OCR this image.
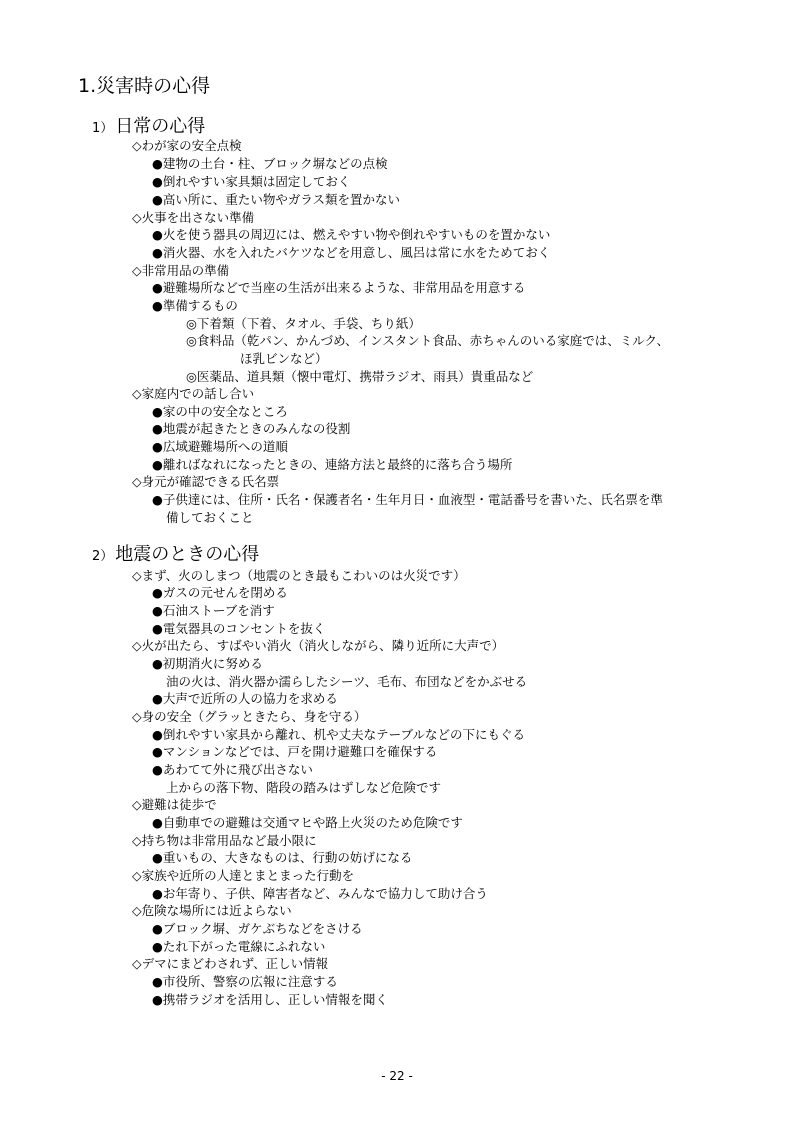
1.災害時の心得
1） 日常の心得
◇わが家の安全点検
●建物の土台・柱、ブロック塀などの点検
●倒れやすい家具類は固定しておく
●高い所に、重たい物やガラス類を置かない
◇火事を出さない準備
●火を使う器具の周辺には、燃えやすい物や倒れやすいものを置かない
●消火器、水を入れたバケツなどを用意し、風呂は常に水をためておく
◇非常用品の準備
●避難場所などで当座の生活が出来るような、非常用品を用意する
●準備するもの
◎下着類（下着、タオル、手袋、ちり紙）
◎食料品（乾パン、かんづめ、インスタント食品、赤ちゃんのいる家庭では、ミルク、
ほ乳ビンなど）
◎医薬品、道具類（懐中電灯、携帯ラジオ、雨具）貴重品など
◇家庭内での話し合い
●家の中の安全なところ
●地震が起きたときのみんなの役割
●広域避難場所への道順
●離ればなれになったときの、連絡方法と最終的に落ち合う場所
◇身元が確認できる氏名票
●子供達には、住所・氏名・保護者名・生年月日・血液型・電話番号を書いた、氏名票を準
備しておくこと
2） 地震のときの心得
◇まず、火のしまつ（地震のとき最もこわいのは火災です）
●ガスの元せんを閉める
●石油ストーブを消す
●電気器具のコンセントを抜く
◇火が出たら、すばやい消火（消火しながら、隣り近所に大声で）
●初期消火に努める
油の火は、消火器か濡らしたシーツ、毛布、布団などをかぶせる
●大声で近所の人の協力を求める
◇身の安全（グラッときたら、身を守る）
●倒れやすい家具から離れ、机や丈夫なテーブルなどの下にもぐる
●マンションなどでは、戸を開け避難口を確保する
●あわてて外に飛び出さない
上からの落下物、階段の踏みはずしなど危険です
◇避難は徒歩で
●自動車での避難は交通マヒや路上火災のため危険です
◇持ち物は非常用品など最小限に
●重いもの、大きなものは、行動の妨げになる
◇家族や近所の人達とまとまった行動を
●お年寄り、子供、障害者など、みんなで協力して助け合う
◇危険な場所には近よらない
●ブロック塀、ガケぶちなどをさける
●たれ下がった電線にふれない
◇デマにまどわされず、正しい情報
●市役所、警察の広報に注意する
●携帯ラジオを活用し、正しい情報を聞く
- 22 -
